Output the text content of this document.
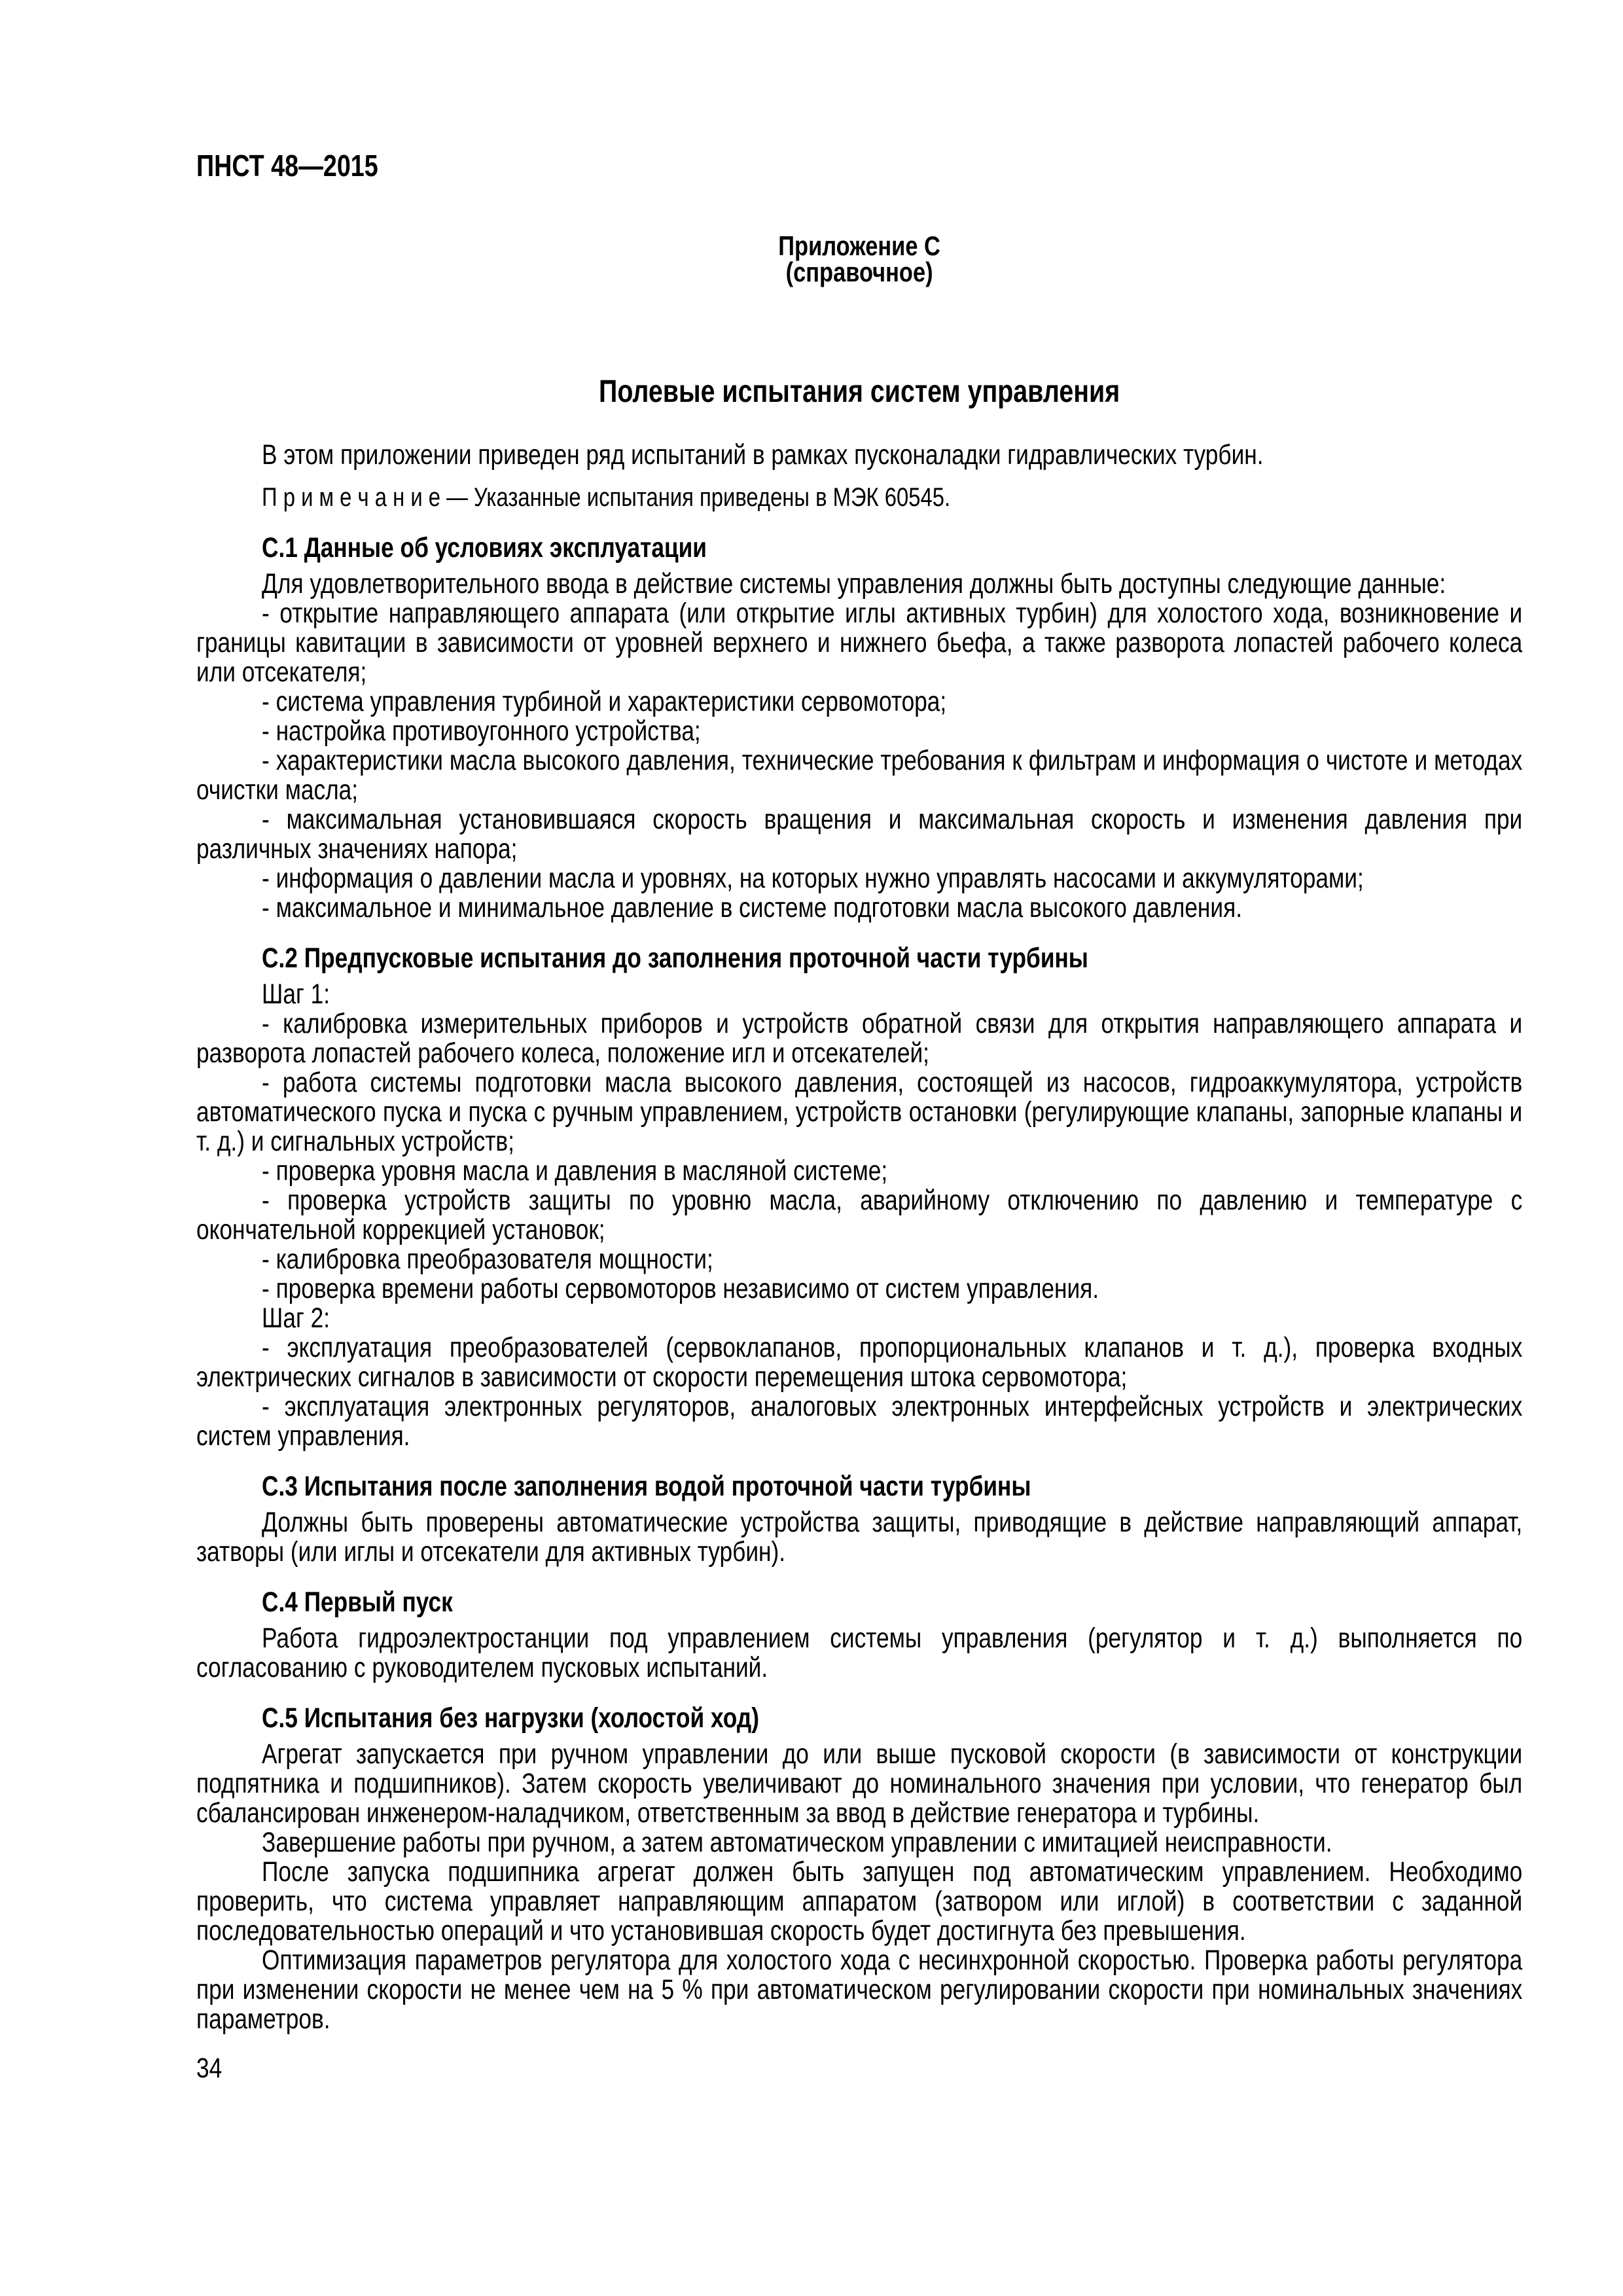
ПНСТ 48—2015
Приложение С
(справочное)
Полевые испытания систем управления

В этом приложении приведен ряд испытаний в рамках пусконаладки гидравлических турбин.

П р и м е ч а н и е — Указанные испытания приведены в МЭК 60545.

С.1 Данные об условиях эксплуатации

Для удовлетворительного ввода в действие системы управления должны быть доступны следующие данные:

- открытие направляющего аппарата (или открытие иглы активных турбин) для холостого хода, возникновение и границы кавитации в зависимости от уровней верхнего и нижнего бьефа, а также разворота лопастей рабочего колеса или отсекателя;

- система управления турбиной и характеристики сервомотора;

- настройка противоугонного устройства;

- характеристики масла высокого давления, технические требования к фильтрам и информация о чистоте и методах очистки масла;

- максимальная установившаяся скорость вращения и максимальная скорость и изменения давления при различных значениях напора;

- информация о давлении масла и уровнях, на которых нужно управлять насосами и аккумуляторами;

- максимальное и минимальное давление в системе подготовки масла высокого давления.

С.2 Предпусковые испытания до заполнения проточной части турбины

Шаг 1:

- калибровка измерительных приборов и устройств обратной связи для открытия направляющего аппарата и разворота лопастей рабочего колеса, положение игл и отсекателей;

- работа системы подготовки масла высокого давления, состоящей из насосов, гидроаккумулятора, устройств автоматического пуска и пуска с ручным управлением, устройств остановки (регулирующие клапаны, запорные клапаны и т. д.) и сигнальных устройств;

- проверка уровня масла и давления в масляной системе;

- проверка устройств защиты по уровню масла, аварийному отключению по давлению и температуре с окончательной коррекцией установок;

- калибровка преобразователя мощности;

- проверка времени работы сервомоторов независимо от систем управления.

Шаг 2:

- эксплуатация преобразователей (сервоклапанов, пропорциональных клапанов и т. д.), проверка входных электрических сигналов в зависимости от скорости перемещения штока сервомотора;

- эксплуатация электронных регуляторов, аналоговых электронных интерфейсных устройств и электрических систем управления.

С.3 Испытания после заполнения водой проточной части турбины

Должны быть проверены автоматические устройства защиты, приводящие в действие направляющий аппарат, затворы (или иглы и отсекатели для активных турбин).

С.4 Первый пуск

Работа гидроэлектростанции под управлением системы управления (регулятор и т. д.) выполняется по согласованию с руководителем пусковых испытаний.

С.5 Испытания без нагрузки (холостой ход)

Агрегат запускается при ручном управлении до или выше пусковой скорости (в зависимости от конструкции подпятника и подшипников). Затем скорость увеличивают до номинального значения при условии, что генератор был сбалансирован инженером-наладчиком, ответственным за ввод в действие генератора и турбины.

Завершение работы при ручном, а затем автоматическом управлении с имитацией неисправности.

После запуска подшипника агрегат должен быть запущен под автоматическим управлением. Необходимо проверить, что система управляет направляющим аппаратом (затвором или иглой) в соответствии с заданной последовательностью операций и что установившая скорость будет достигнута без превышения.

Оптимизация параметров регулятора для холостого хода с несинхронной скоростью. Проверка работы регулятора при изменении скорости не менее чем на 5 % при автоматическом регулировании скорости при номинальных значениях параметров.

34
